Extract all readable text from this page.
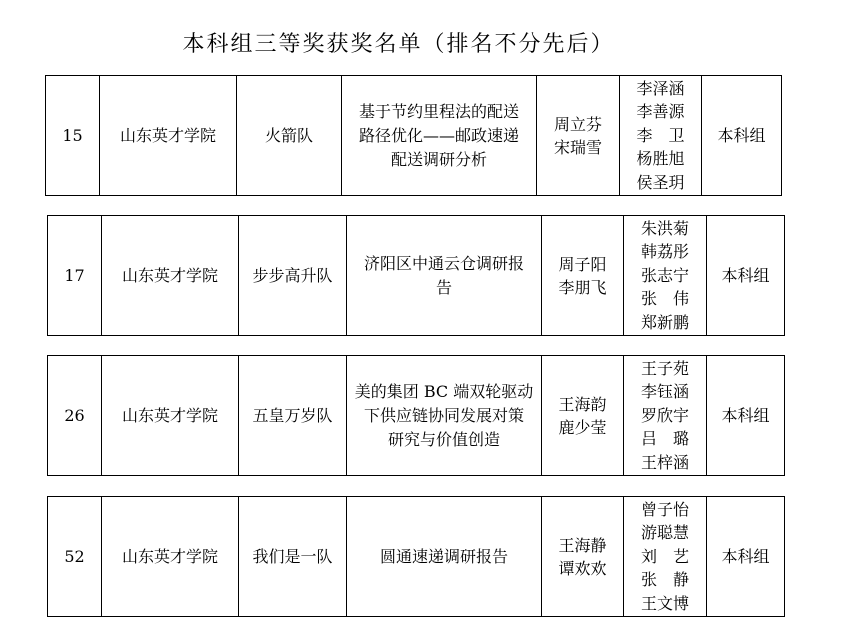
本科组三等奖获奖名单（排名不分先后）
15 山东英才学院	火箭队
基于节约里程法的配送
路径优化——邮政速递
配送调研分析
周立芬
宋瑞雪
李泽涵
李善源
李　卫
杨胜旭
侯圣玥
本科组
17 山东英才学院 步步高升队
济阳区中通云仓调研报
告
周子阳
李朋飞
朱洪菊
韩荔彤
张志宁
张　伟
郑新鹏
本科组
26 山东英才学院 五皇万岁队
美的集团 BC 端双轮驱动
下供应链协同发展对策
研究与价值创造
王海韵
鹿少莹
王子苑
李钰涵
罗欣宇
吕　璐
王梓涵
本科组
52 山东英才学院 我们是一队	圆通速递调研报告
王海静
谭欢欢
曾子怡
游聪慧
刘　艺
张　静
王文博
本科组
